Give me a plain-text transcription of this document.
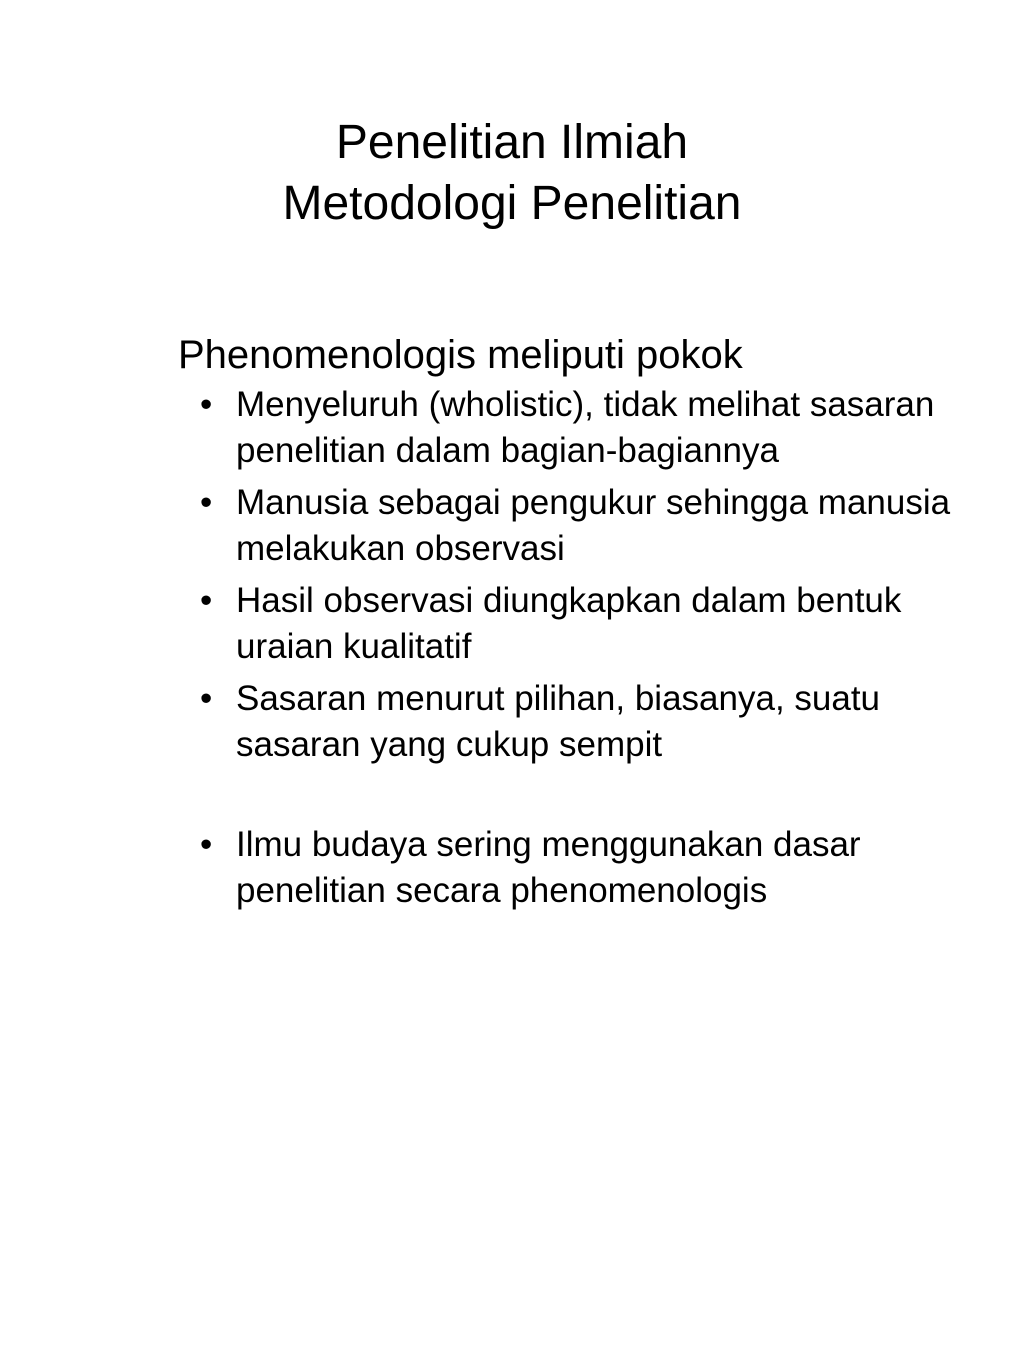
Penelitian Ilmiah
Metodologi Penelitian
Phenomenologis meliputi pokok
• Menyeluruh (wholistic), tidak melihat sasaran penelitian dalam bagian-bagiannya
• Manusia sebagai pengukur sehingga manusia melakukan observasi
• Hasil observasi diungkapkan dalam bentuk uraian kualitatif
• Sasaran menurut pilihan, biasanya, suatu sasaran yang cukup sempit
• Ilmu budaya sering menggunakan dasar penelitian secara phenomenologis
